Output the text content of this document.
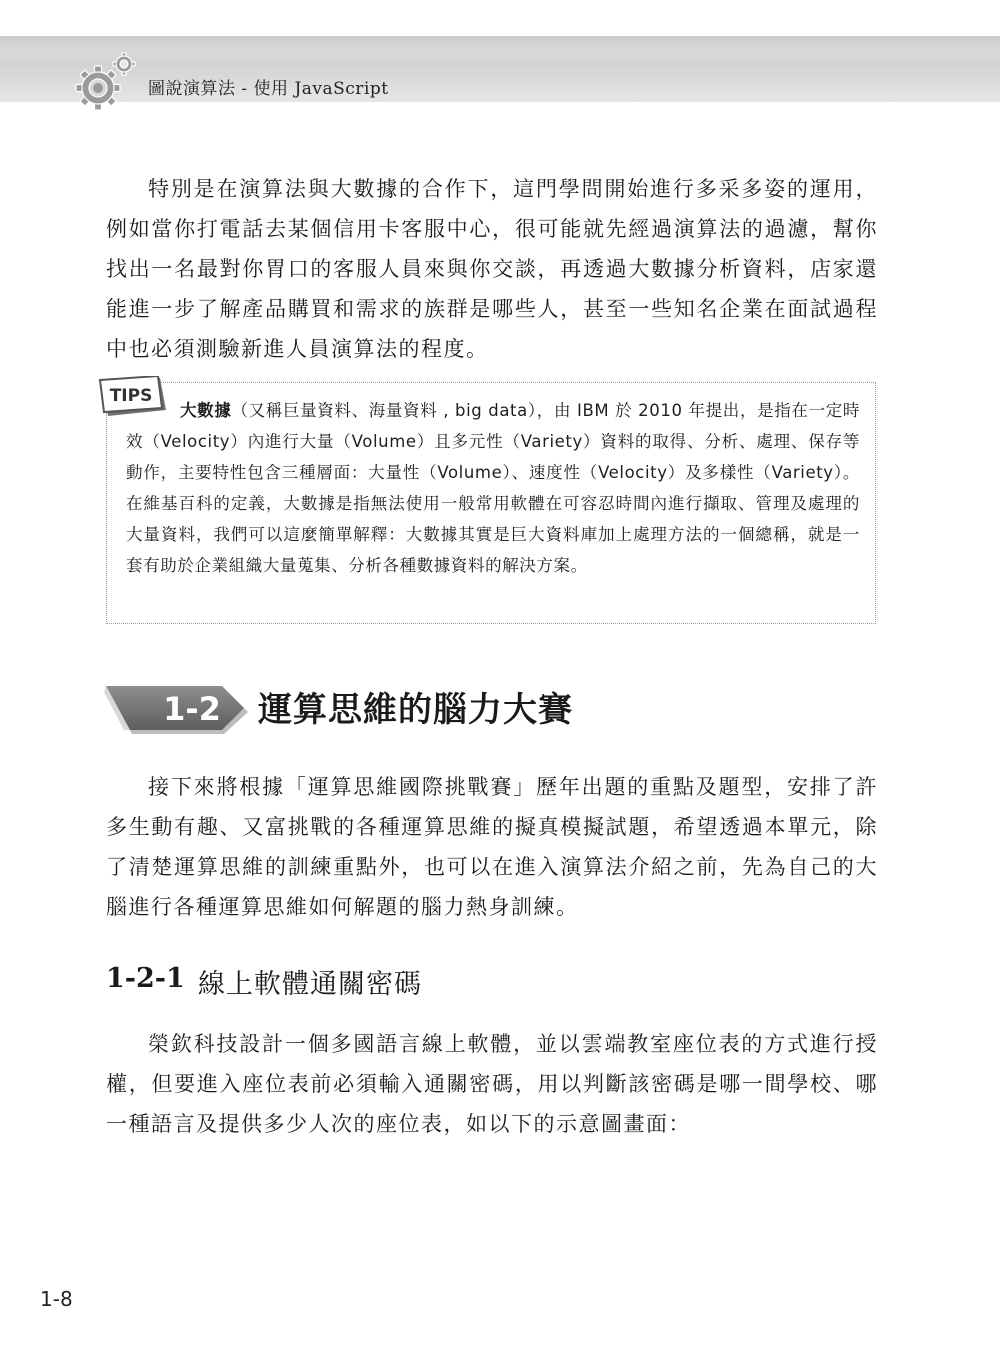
圖說演算法 - 使用 JavaScript

特別是在演算法與大數據的合作下，這門學問開始進行多采多姿的運用，例如當你打電話去某個信用卡客服中心，很可能就先經過演算法的過濾，幫你找出一名最對你胃口的客服人員來與你交談，再透過大數據分析資料，店家還能進一步了解產品購買和需求的族群是哪些人，甚至一些知名企業在面試過程中也必須測驗新進人員演算法的程度。

TIPS

大數據（又稱巨量資料、海量資料 , big data），由 IBM 於 2010 年提出，是指在一定時效（Velocity）內進行大量（Volume）且多元性（Variety）資料的取得、分析、處理、保存等動作，主要特性包含三種層面：大量性（Volume）、速度性（Velocity）及多樣性（Variety）。在維基百科的定義，大數據是指無法使用一般常用軟體在可容忍時間內進行擷取、管理及處理的大量資料，我們可以這麼簡單解釋：大數據其實是巨大資料庫加上處理方法的一個總稱，就是一套有助於企業組織大量蒐集、分析各種數據資料的解決方案。

1-2 運算思維的腦力大賽

接下來將根據「運算思維國際挑戰賽」歷年出題的重點及題型，安排了許多生動有趣、又富挑戰的各種運算思維的擬真模擬試題，希望透過本單元，除了清楚運算思維的訓練重點外，也可以在進入演算法介紹之前，先為自己的大腦進行各種運算思維如何解題的腦力熱身訓練。

1-2-1 線上軟體通關密碼

榮欽科技設計一個多國語言線上軟體，並以雲端教室座位表的方式進行授權，但要進入座位表前必須輸入通關密碼，用以判斷該密碼是哪一間學校、哪一種語言及提供多少人次的座位表，如以下的示意圖畫面：

1-8
